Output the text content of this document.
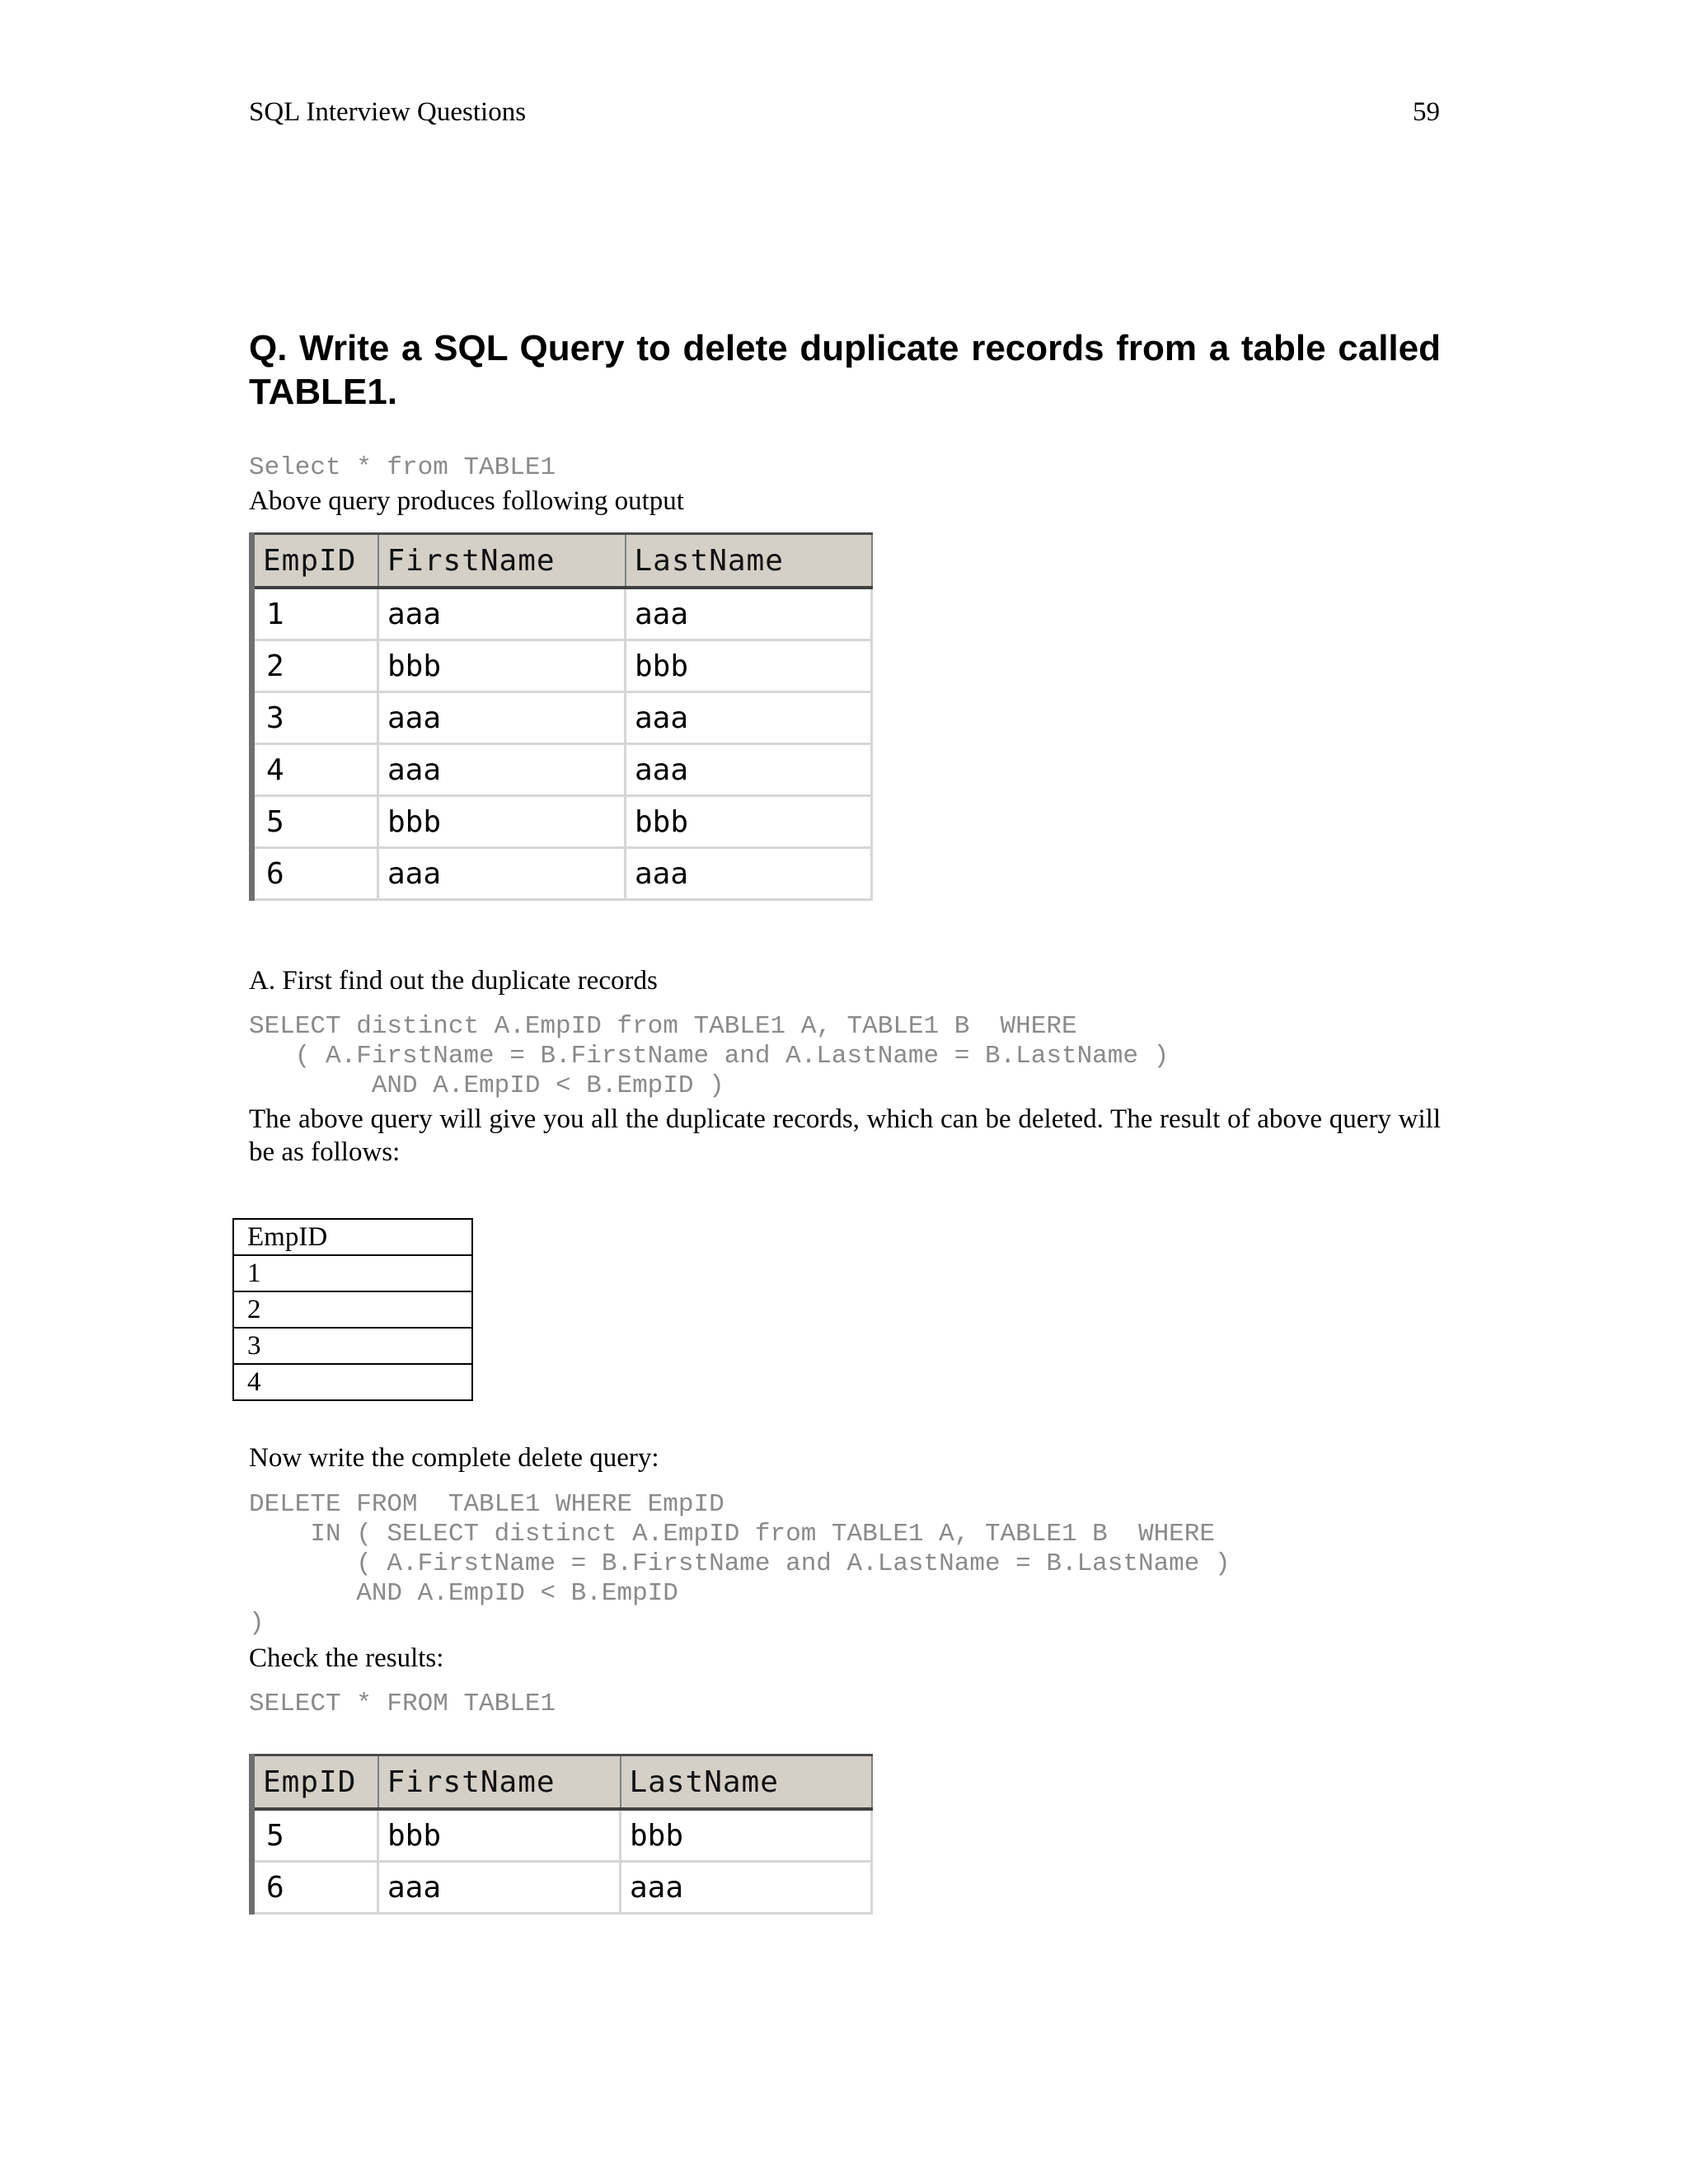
SQL Interview Questions	59
Q. Write a SQL Query to delete duplicate records from a table called TABLE1.
Select * from TABLE1
Above query produces following output
EmpID	FirstName	LastName
1	aaa	aaa
2	bbb	bbb
3	aaa	aaa
4	aaa	aaa
5	bbb	bbb
6	aaa	aaa
A. First find out the duplicate records
SELECT distinct A.EmpID from TABLE1 A, TABLE1 B  WHERE
( A.FirstName = B.FirstName and A.LastName = B.LastName )
AND A.EmpID < B.EmpID )
The above query will give you all the duplicate records, which can be deleted. The result of above query will be as follows:
EmpID
1
2
3
4
Now write the complete delete query:
DELETE FROM  TABLE1 WHERE EmpID
IN ( SELECT distinct A.EmpID from TABLE1 A, TABLE1 B  WHERE
( A.FirstName = B.FirstName and A.LastName = B.LastName )
AND A.EmpID < B.EmpID
)
Check the results:
SELECT * FROM TABLE1
EmpID	FirstName	LastName
5	bbb	bbb
6	aaa	aaa
